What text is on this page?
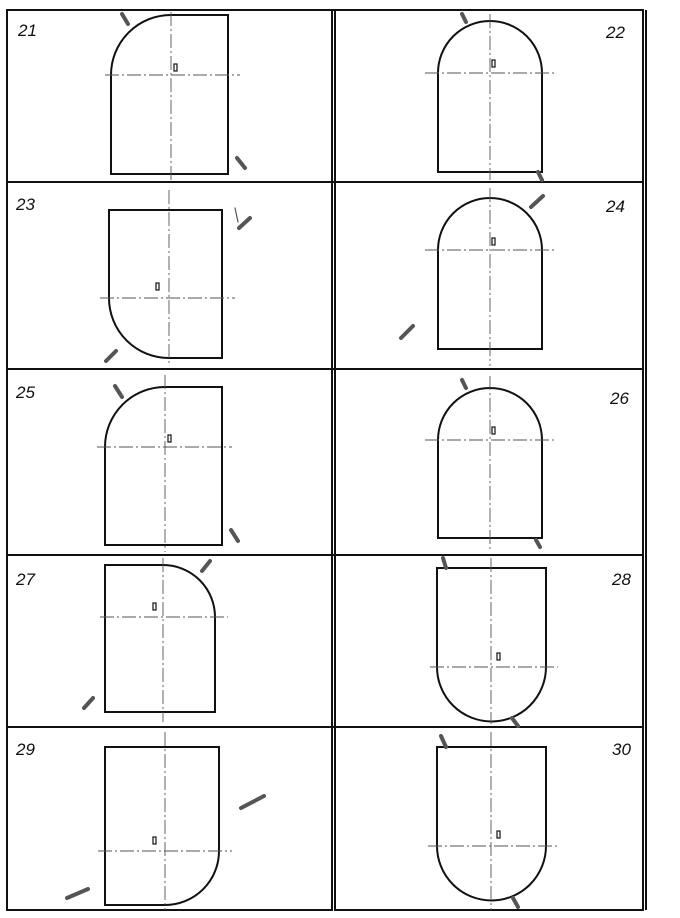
21	22
23	24
25	26
27	28
29	30
